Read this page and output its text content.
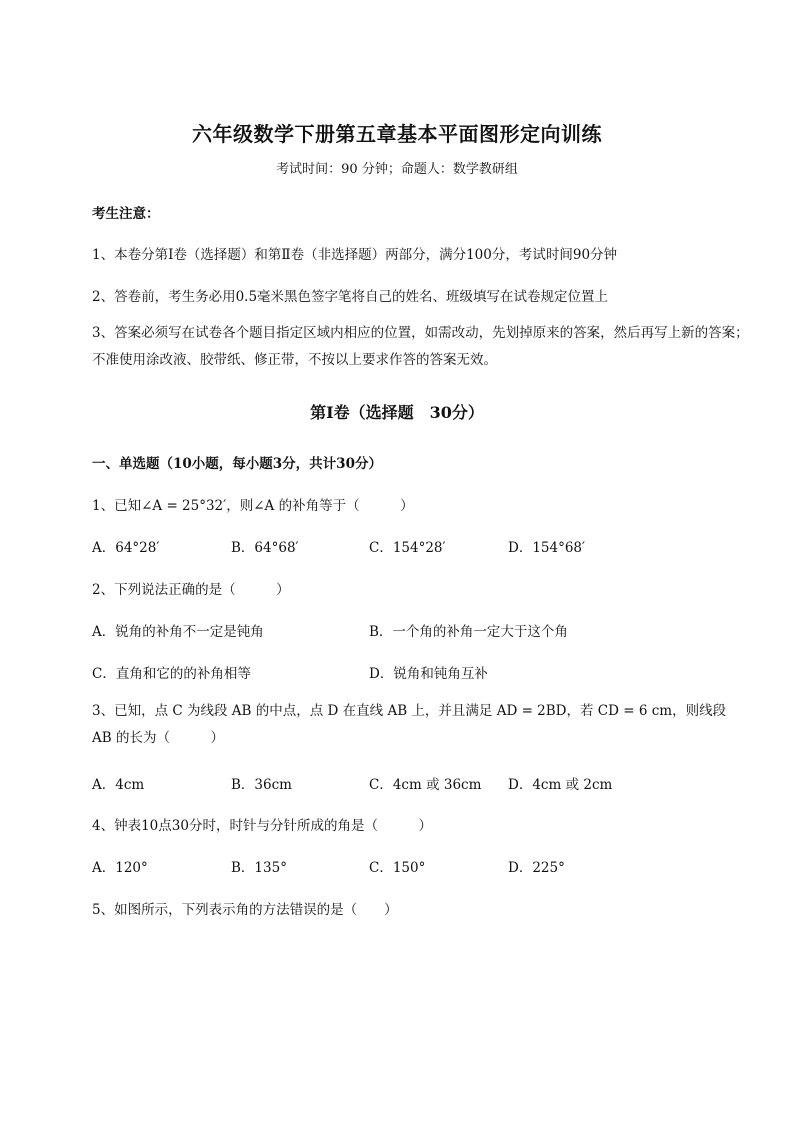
六年级数学下册第五章基本平面图形定向训练
考试时间：90 分钟；命题人：数学教研组
考生注意：
1、本卷分第Ⅰ卷（选择题）和第Ⅱ卷（非选择题）两部分，满分100分，考试时间90分钟
2、答卷前，考生务必用0.5毫米黑色签字笔将自己的姓名、班级填写在试卷规定位置上
3、答案必须写在试卷各个题目指定区域内相应的位置，如需改动，先划掉原来的答案，然后再写上新的答案；不准使用涂改液、胶带纸、修正带，不按以上要求作答的答案无效。
第Ⅰ卷（选择题　30分）
一、单选题（10小题，每小题3分，共计30分）
1、已知∠A = 25°32′，则∠A 的补角等于（　　　）
A．64°28′	B．64°68′	C．154°28′	D．154°68′
2、下列说法正确的是（　　　）
A．锐角的补角不一定是钝角	B．一个角的补角一定大于这个角
C．直角和它的的补角相等	D．锐角和钝角互补
3、已知，点 C 为线段 AB 的中点，点 D 在直线 AB 上，并且满足 AD = 2BD，若 CD = 6 cm，则线段 AB 的长为（　　　）
A．4cm	B．36cm	C．4cm 或 36cm D．4cm 或 2cm
4、钟表10点30分时，时针与分针所成的角是（　　　）
A．120°	B．135°	C．150°	D．225°
5、如图所示，下列表示角的方法错误的是（　　）
